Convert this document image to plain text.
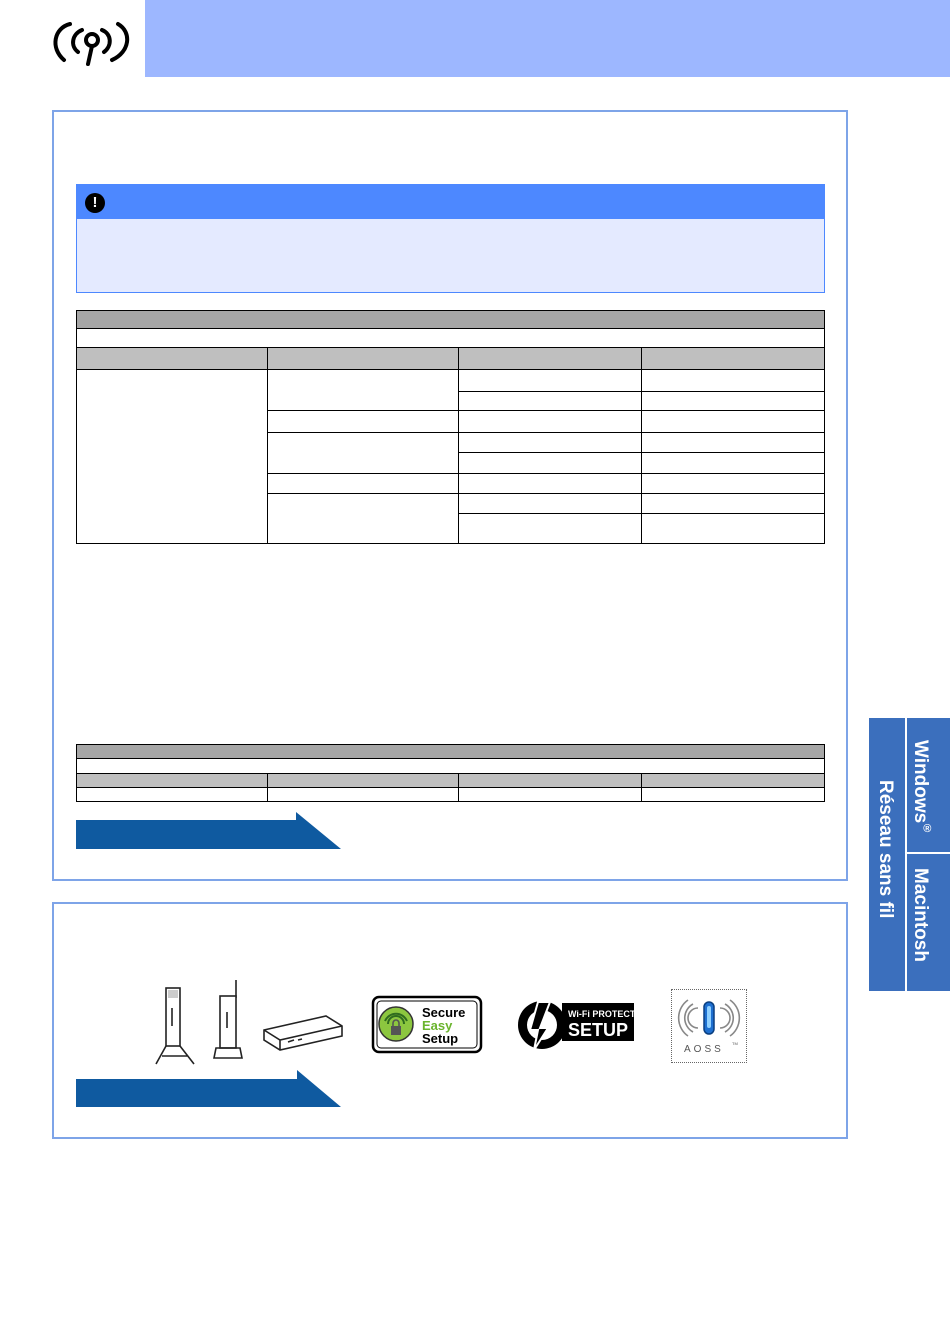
!

Secure
Easy
Setup
Wi-Fi PROTECTED
SETUP
AOSS
TM
Réseau sans fil Windows®
Macintosh
